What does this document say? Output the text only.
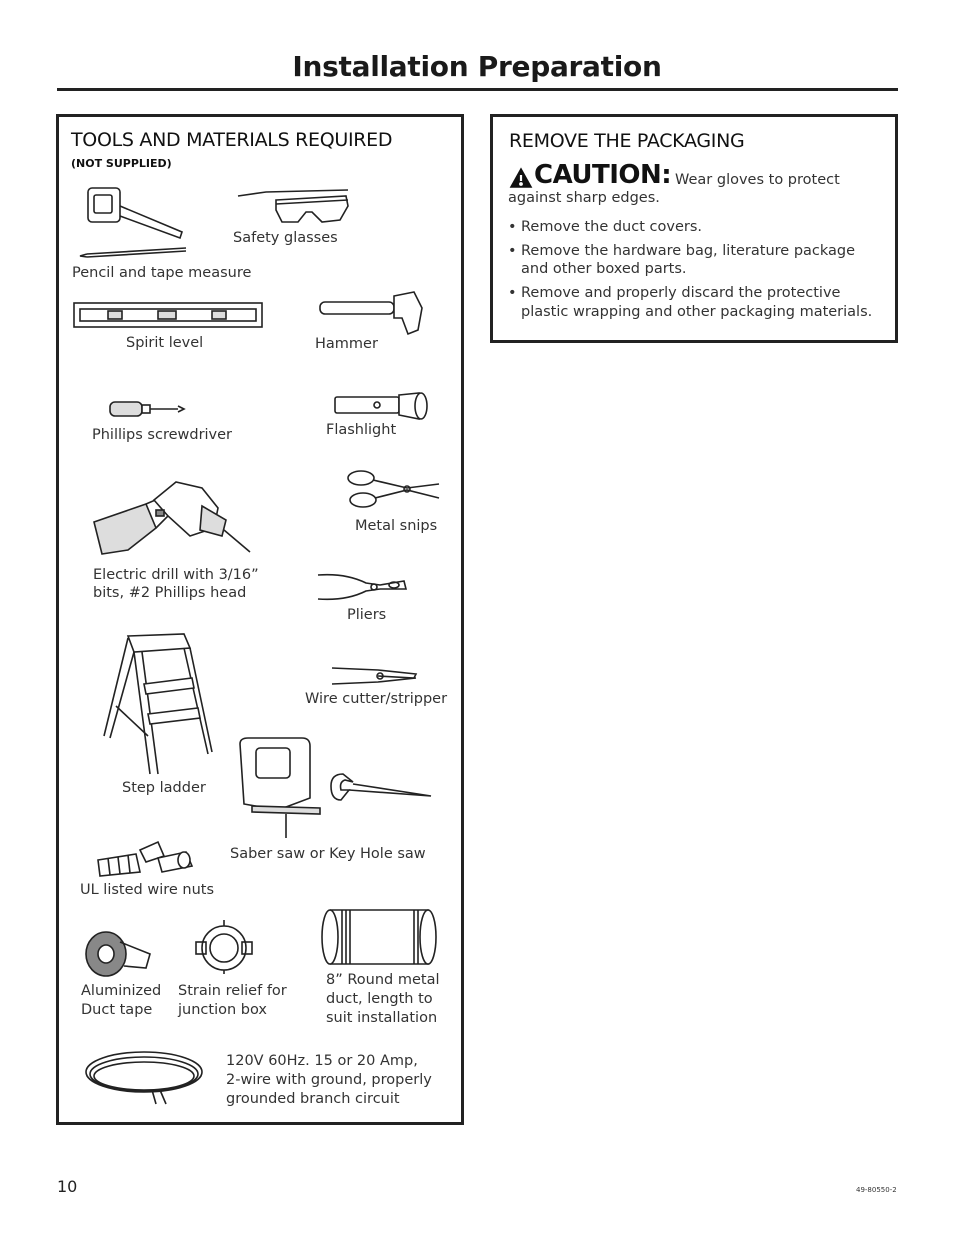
Installation Preparation
TOOLS AND MATERIALS REQUIRED
(NOT SUPPLIED)
Pencil and tape measure
Safety glasses
Spirit level	Hammer
Phillips screwdriver	Flashlight
Metal snips
Electric drill with 3/16”
bits, #2 Phillips head
Pliers
Wire cutter/stripper
Step ladder
Saber saw or Key Hole saw
UL listed wire nuts
Aluminized
Duct tape
Strain relief for
junction box
8” Round metal
duct, length to
suit installation
120V 60Hz. 15 or 20 Amp,
2-wire with ground, properly
grounded branch circuit
REMOVE THE PACKAGING
CAUTION: Wear gloves to protect
against sharp edges.
• Remove the duct covers.
• Remove the hardware bag, literature package
and other boxed parts.
• Remove and properly discard the protective
plastic wrapping and other packaging materials.
10	49-80550-2
